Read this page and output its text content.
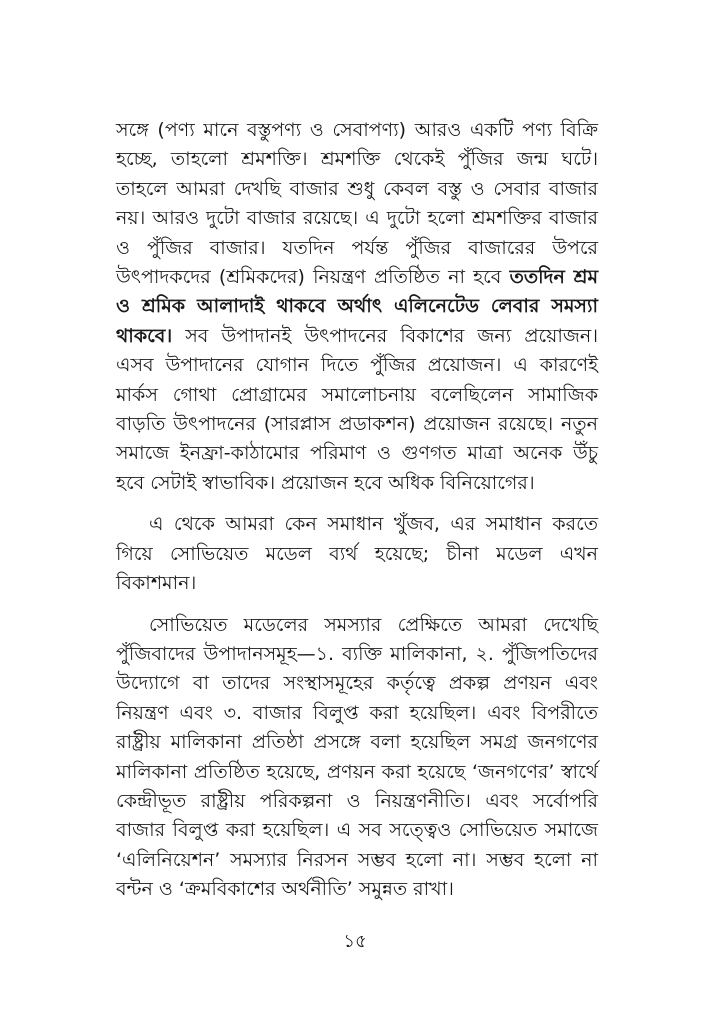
সঙ্গে (পণ্য মানে বস্তুপণ্য ও সেবাপণ্য) আরও একটি পণ্য বিক্রি হচ্ছে, তাহলো শ্রমশক্তি। শ্রমশক্তি থেকেই পুঁজির জন্ম ঘটে। তাহলে আমরা দেখছি বাজার শুধু কেবল বস্তু ও সেবার বাজার নয়। আরও দুটো বাজার রয়েছে। এ দুটো হলো শ্রমশক্তির বাজার ও পুঁজির বাজার। যতদিন পর্যন্ত পুঁজির বাজারের উপরে উৎপাদকদের (শ্রমিকদের) নিয়ন্ত্রণ প্রতিষ্ঠিত না হবে ততদিন শ্রম ও শ্রমিক আলাদাই থাকবে অর্থাৎ এলিনেটেড লেবার সমস্যা থাকবে। সব উপাদানই উৎপাদনের বিকাশের জন্য প্রয়োজন। এসব উপাদানের যোগান দিতে পুঁজির প্রয়োজন। এ কারণেই মার্কস গোথা প্রোগ্রামের সমালোচনায় বলেছিলেন সামাজিক বাড়তি উৎপাদনের (সারপ্লাস প্রডাকশন) প্রয়োজন রয়েছে। নতুন সমাজে ইনফ্রা-কাঠামোর পরিমাণ ও গুণগত মাত্রা অনেক উঁচু হবে সেটাই স্বাভাবিক। প্রয়োজন হবে অধিক বিনিয়োগের।

এ থেকে আমরা কেন সমাধান খুঁজব, এর সমাধান করতে গিয়ে সোভিয়েত মডেল ব্যর্থ হয়েছে; চীনা মডেল এখন বিকাশমান।

সোভিয়েত মডেলের সমস্যার প্রেক্ষিতে আমরা দেখেছি পুঁজিবাদের উপাদানসমূহ—১. ব্যক্তি মালিকানা, ২. পুঁজিপতিদের উদ্যোগে বা তাদের সংস্থাসমূহের কর্তৃত্বে প্রকল্প প্রণয়ন এবং নিয়ন্ত্রণ এবং ৩. বাজার বিলুপ্ত করা হয়েছিল। এবং বিপরীতে রাষ্ট্রীয় মালিকানা প্রতিষ্ঠা প্রসঙ্গে বলা হয়েছিল সমগ্র জনগণের মালিকানা প্রতিষ্ঠিত হয়েছে, প্রণয়ন করা হয়েছে ‘জনগণের’ স্বার্থে কেন্দ্রীভূত রাষ্ট্রীয় পরিকল্পনা ও নিয়ন্ত্রণনীতি। এবং সর্বোপরি বাজার বিলুপ্ত করা হয়েছিল। এ সব সত্ত্বেও সোভিয়েত সমাজে ‘এলিনিয়েশন’ সমস্যার নিরসন সম্ভব হলো না। সম্ভব হলো না বন্টন ও ‘ক্রমবিকাশের অর্থনীতি’ সমুন্নত রাখা।

১৫
